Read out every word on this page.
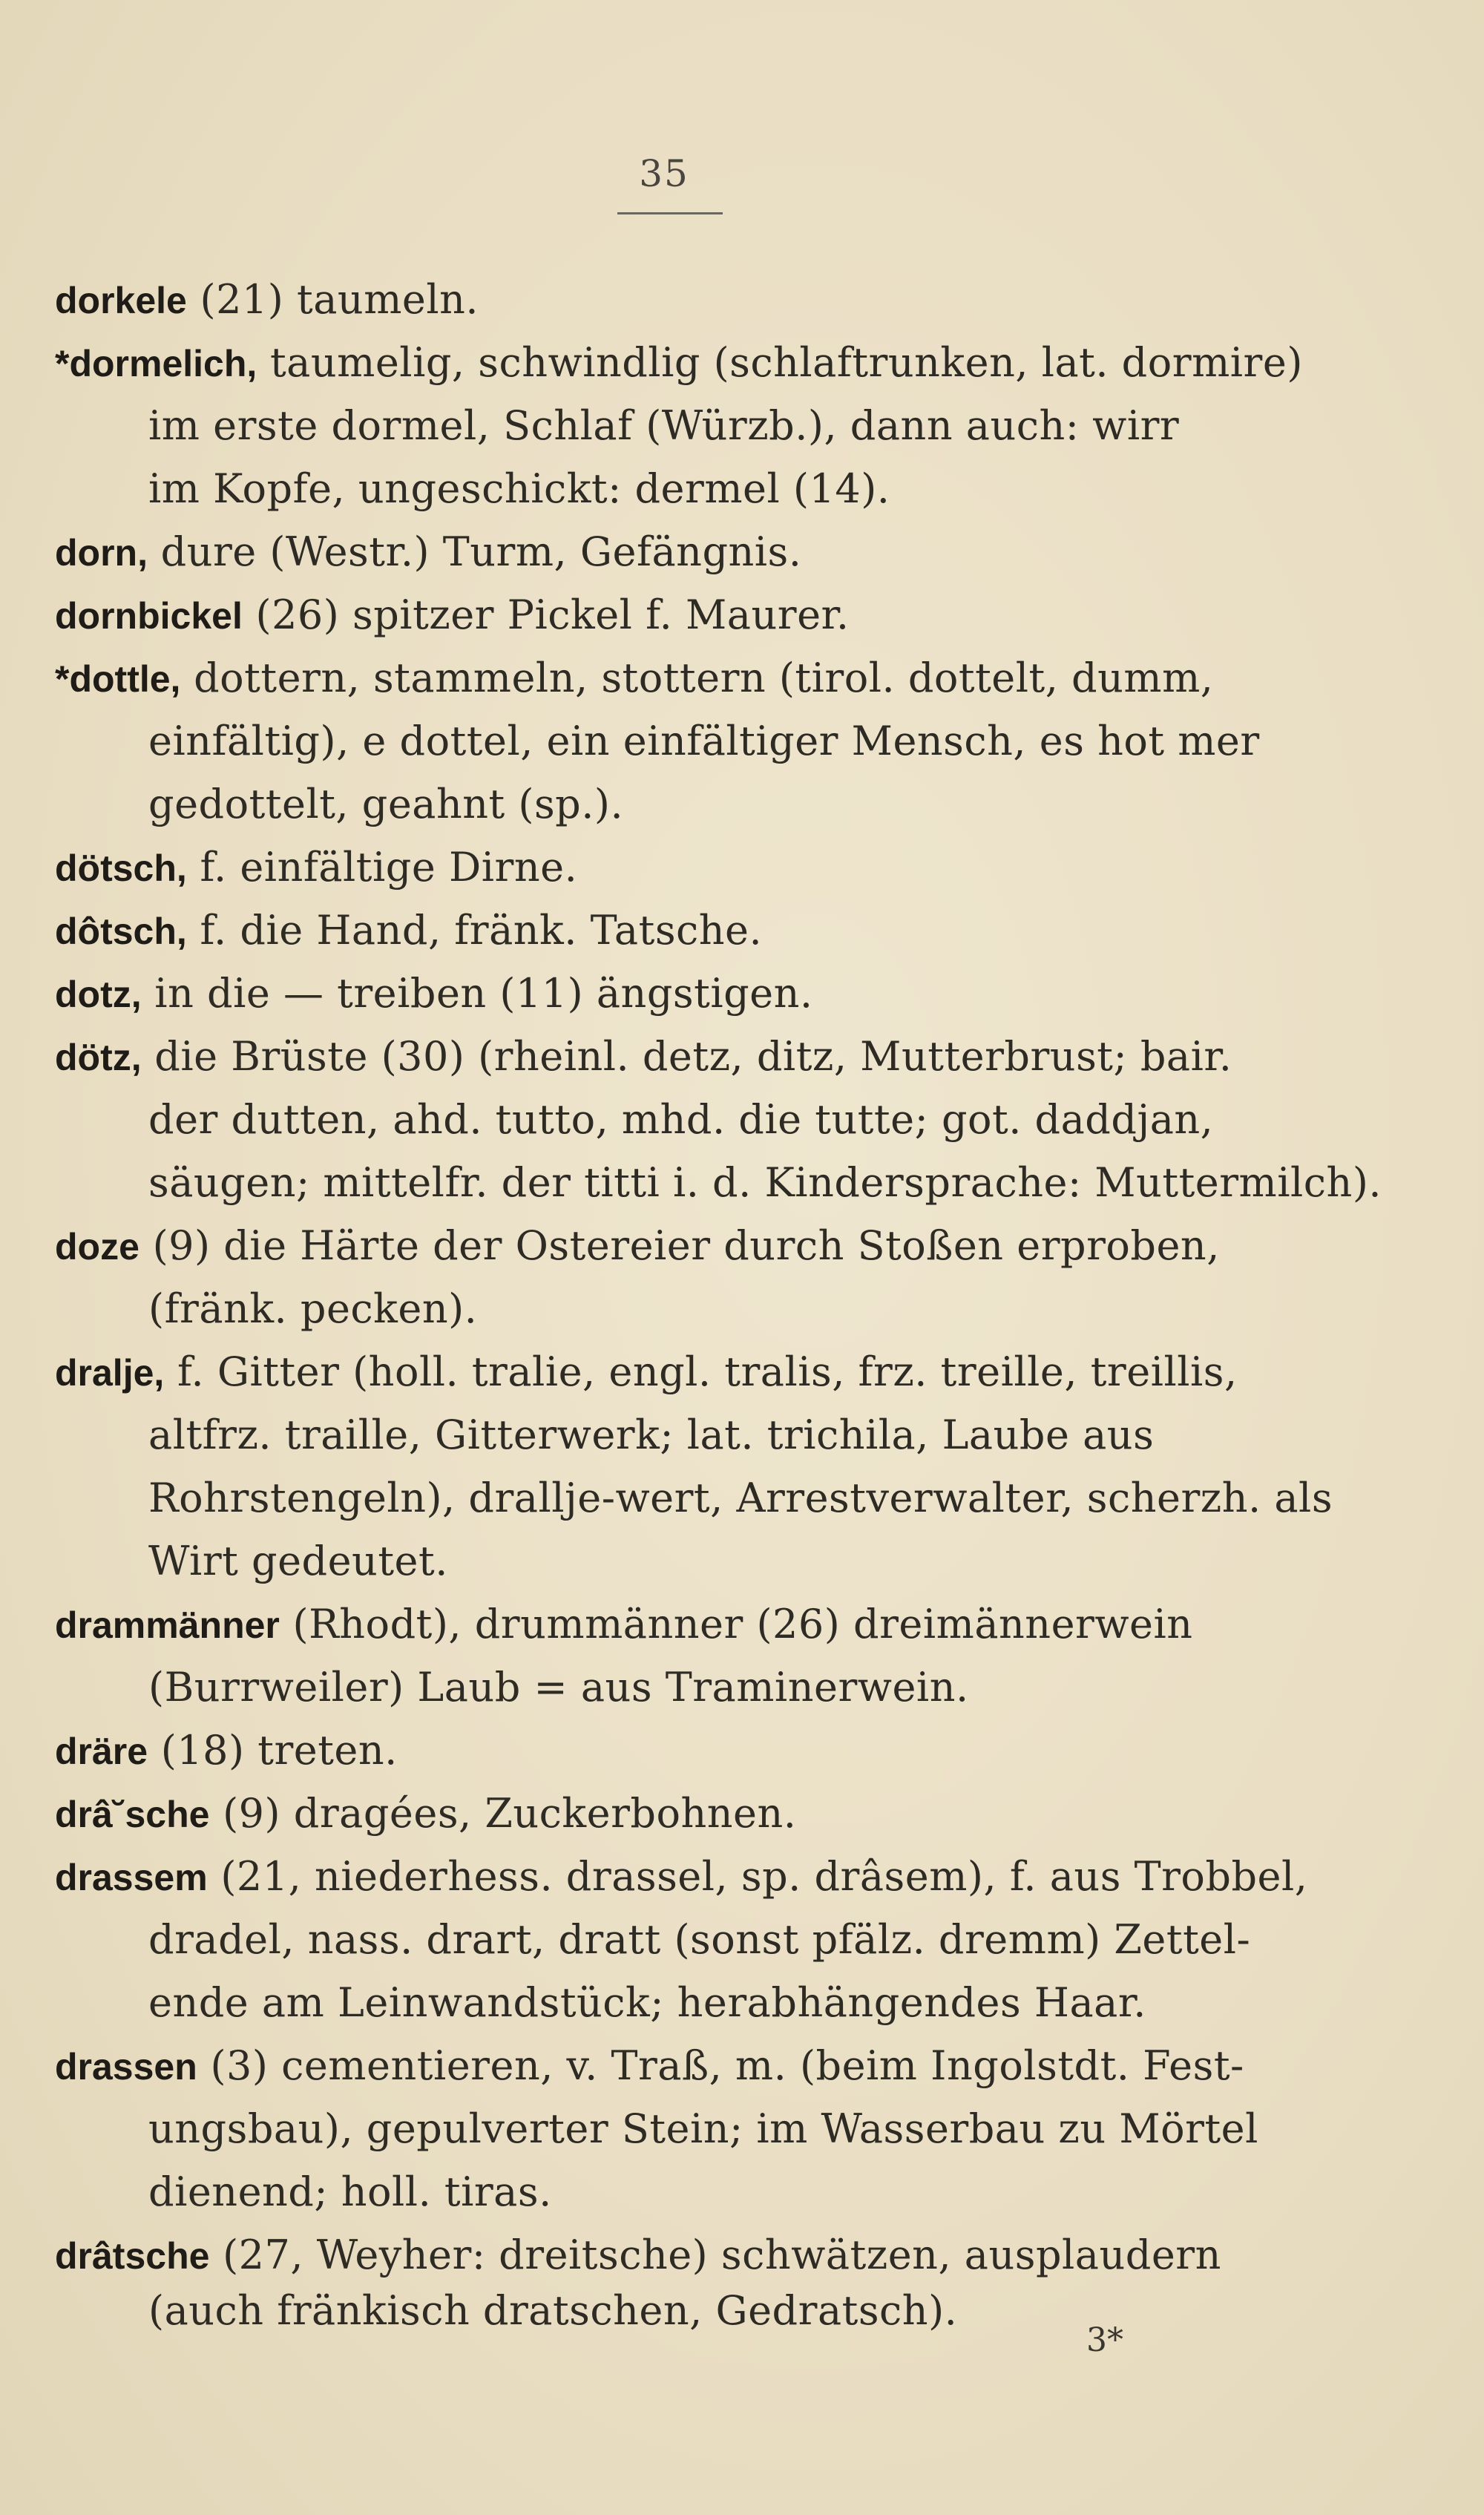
35
dorkele (21) taumeln.
*dormelich, taumelig, schwindlig (schlaftrunken, lat. dormire)
im erste dormel, Schlaf (Würzb.), dann auch: wirr
im Kopfe, ungeschickt: dermel (14).
dorn, dure (Westr.) Turm, Gefängnis.
dornbickel (26) spitzer Pickel f. Maurer.
*dottle, dottern, stammeln, stottern (tirol. dottelt, dumm,
einfältig), e dottel, ein einfältiger Mensch, es hot mer
gedottelt, geahnt (sp.).
dötsch, f. einfältige Dirne.
dôtsch, f. die Hand, fränk. Tatsche.
dotz, in die — treiben (11) ängstigen.
dötz, die Brüste (30) (rheinl. detz, ditz, Mutterbrust; bair.
der dutten, ahd. tutto, mhd. die tutte; got. daddjan,
säugen; mittelfr. der titti i. d. Kindersprache: Muttermilch).
doze (9) die Härte der Ostereier durch Stoßen erproben,
(fränk. pecken).
dralje, f. Gitter (holl. tralie, engl. tralis, frz. treille, treillis,
altfrz. traille, Gitterwerk; lat. trichila, Laube aus
Rohrstengeln), drallje-wert, Arrestverwalter, scherzh. als
Wirt gedeutet.
drammänner (Rhodt), drummänner (26) dreimännerwein
(Burrweiler) Laub = aus Traminerwein.
dräre (18) treten.
drâ˘sche (9) dragées, Zuckerbohnen.
drassem (21, niederhess. drassel, sp. drâsem), f. aus Trobbel,
dradel, nass. drart, dratt (sonst pfälz. dremm) Zettel-
ende am Leinwandstück; herabhängendes Haar.
drassen (3) cementieren, v. Traß, m. (beim Ingolstdt. Fest-
ungsbau), gepulverter Stein; im Wasserbau zu Mörtel
dienend; holl. tiras.
drâtsche (27, Weyher: dreitsche) schwätzen, ausplaudern
(auch fränkisch dratschen, Gedratsch).
3*
